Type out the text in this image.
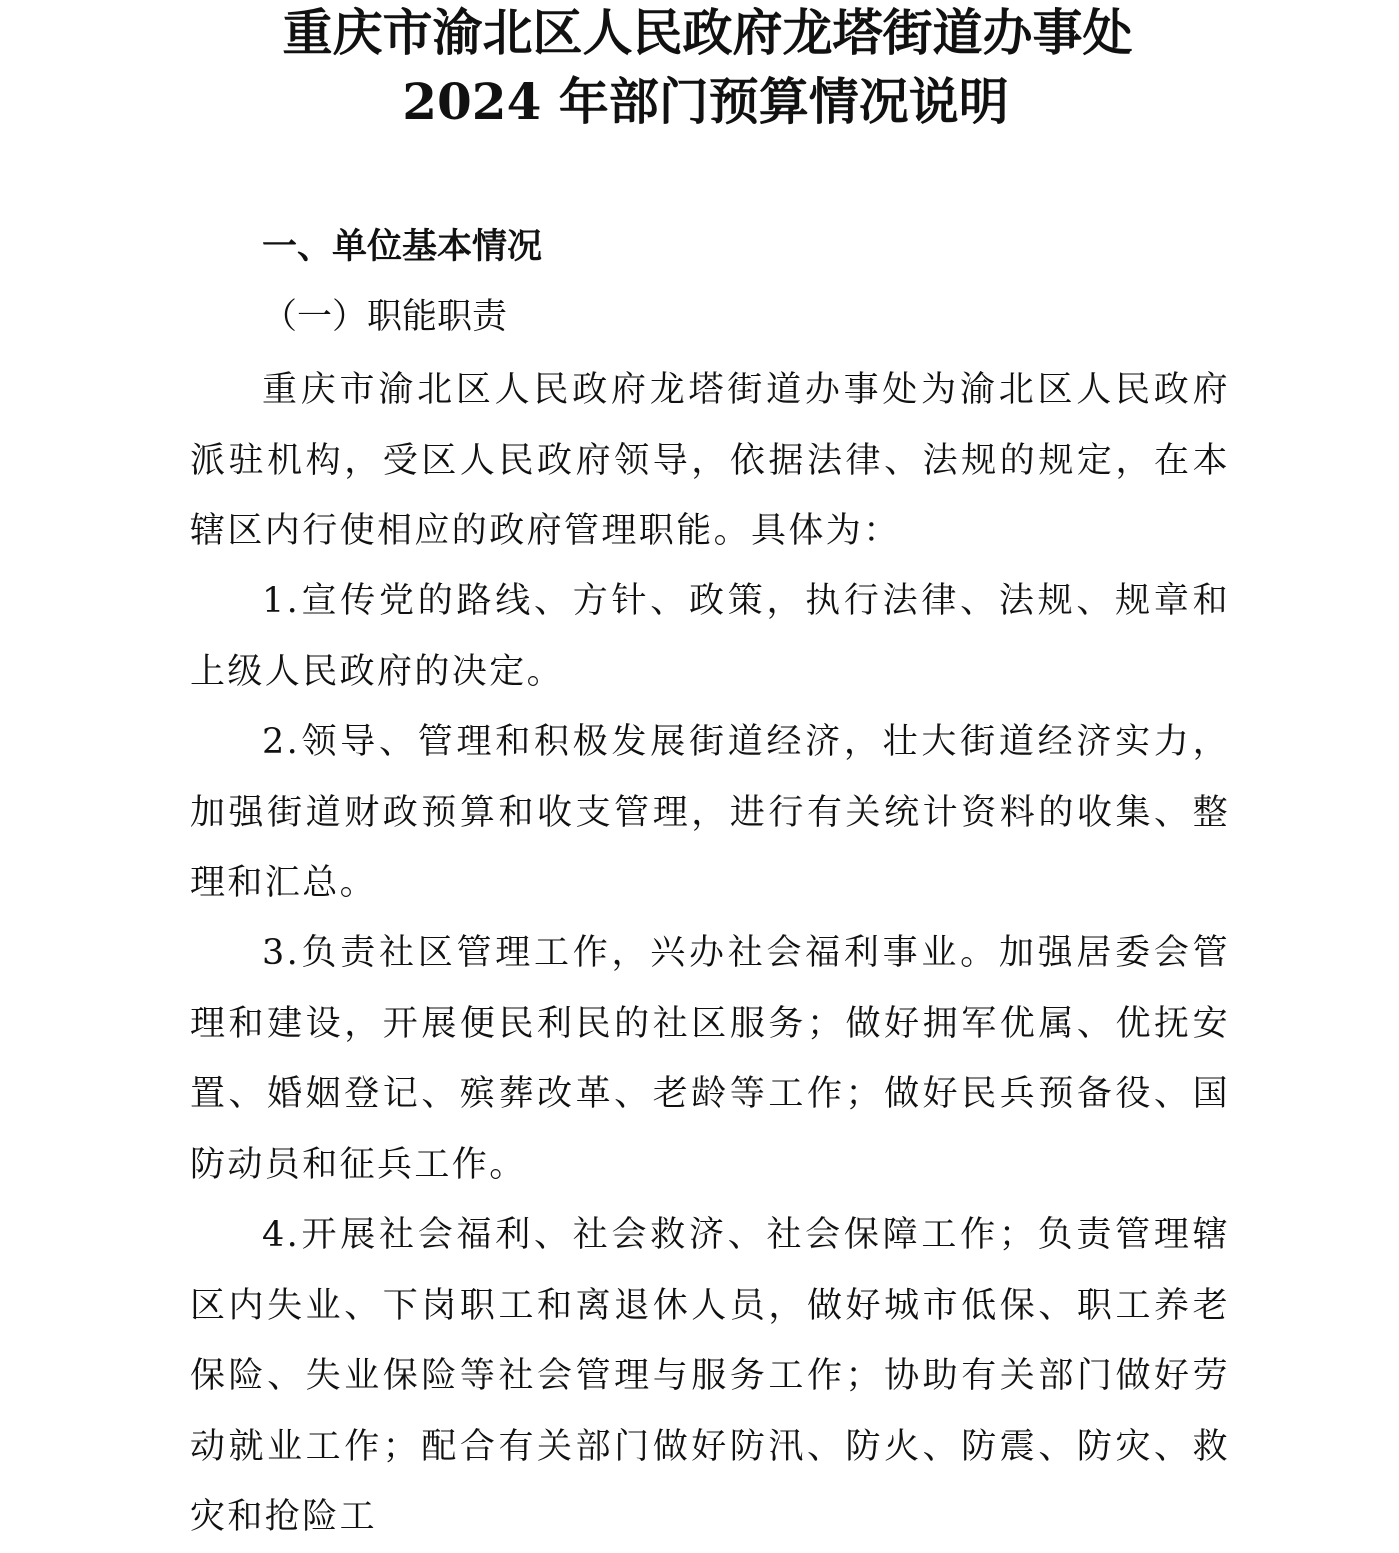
重庆市渝北区人民政府龙塔街道办事处
2024 年部门预算情况说明
一、单位基本情况
（一）职能职责

重庆市渝北区人民政府龙塔街道办事处为渝北区人民政府派驻机构，受区人民政府领导，依据法律、法规的规定，在本辖区内行使相应的政府管理职能。具体为：

1.宣传党的路线、方针、政策，执行法律、法规、规章和上级人民政府的决定。

2.领导、管理和积极发展街道经济，壮大街道经济实力，加强街道财政预算和收支管理，进行有关统计资料的收集、整理和汇总。

3.负责社区管理工作，兴办社会福利事业。加强居委会管理和建设，开展便民利民的社区服务；做好拥军优属、优抚安置、婚姻登记、殡葬改革、老龄等工作；做好民兵预备役、国防动员和征兵工作。

4.开展社会福利、社会救济、社会保障工作；负责管理辖区内失业、下岗职工和离退休人员，做好城市低保、职工养老保险、失业保险等社会管理与服务工作；协助有关部门做好劳动就业工作；配合有关部门做好防汛、防火、防震、防灾、救灾和抢险工
